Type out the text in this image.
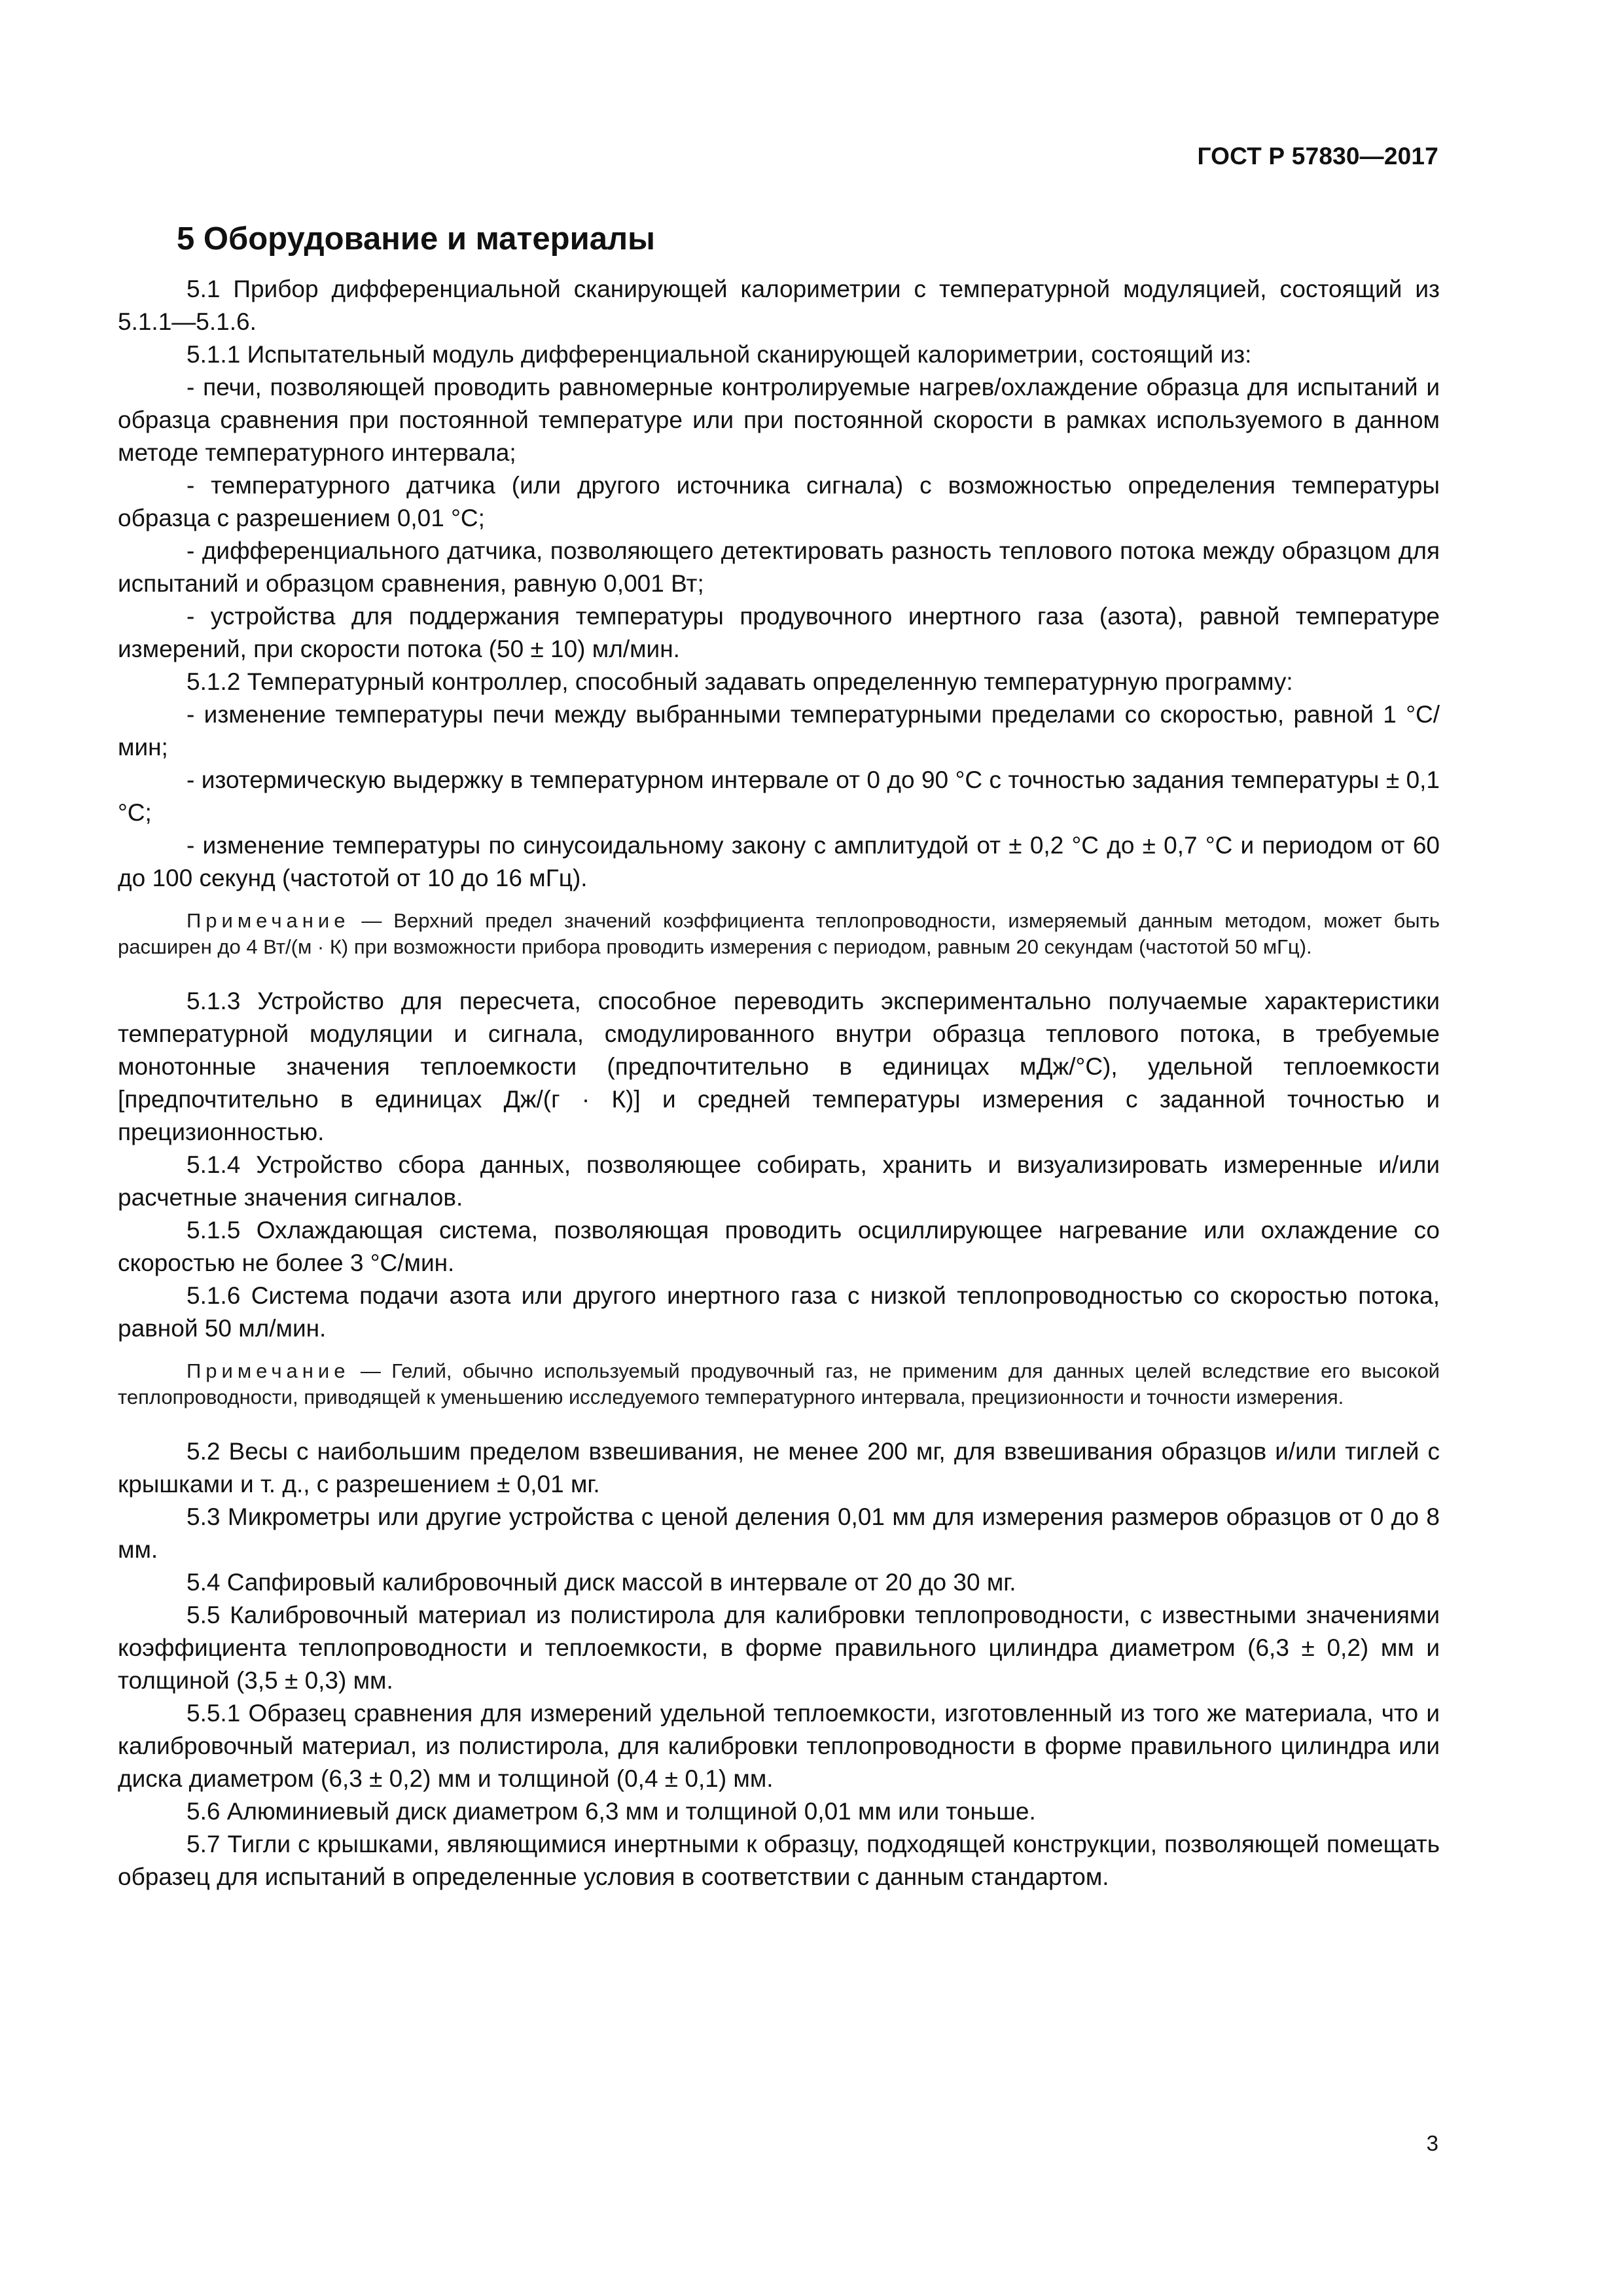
ГОСТ Р 57830—2017
5 Оборудование и материалы

5.1 Прибор дифференциальной сканирующей калориметрии с температурной модуляцией, состоящий из 5.1.1—5.1.6.

5.1.1 Испытательный модуль дифференциальной сканирующей калориметрии, состоящий из:

- печи, позволяющей проводить равномерные контролируемые нагрев/охлаждение образца для испытаний и образца сравнения при постоянной температуре или при постоянной скорости в рамках используемого в данном методе температурного интервала;

- температурного датчика (или другого источника сигнала) с возможностью определения температуры образца с разрешением 0,01 °С;

- дифференциального датчика, позволяющего детектировать разность теплового потока между образцом для испытаний и образцом сравнения, равную 0,001 Вт;

- устройства для поддержания температуры продувочного инертного газа (азота), равной температуре измерений, при скорости потока (50 ± 10) мл/мин.

5.1.2 Температурный контроллер, способный задавать определенную температурную программу:

- изменение температуры печи между выбранными температурными пределами со скоростью, равной 1 °С/мин;

- изотермическую выдержку в температурном интервале от 0 до 90 °С с точностью задания температуры ± 0,1 °С;

- изменение температуры по синусоидальному закону с амплитудой от ± 0,2 °С до ± 0,7 °С и периодом от 60 до 100 секунд (частотой от 10 до 16 мГц).

Примечание — Верхний предел значений коэффициента теплопроводности, измеряемый данным методом, может быть расширен до 4 Вт/(м · К) при возможности прибора проводить измерения с периодом, равным 20 секундам (частотой 50 мГц).

5.1.3 Устройство для пересчета, способное переводить экспериментально получаемые характеристики температурной модуляции и сигнала, смодулированного внутри образца теплового потока, в требуемые монотонные значения теплоемкости (предпочтительно в единицах мДж/°С), удельной теплоемкости [предпочтительно в единицах Дж/(г · К)] и средней температуры измерения с заданной точностью и прецизионностью.

5.1.4 Устройство сбора данных, позволяющее собирать, хранить и визуализировать измеренные и/или расчетные значения сигналов.

5.1.5 Охлаждающая система, позволяющая проводить осциллирующее нагревание или охлаждение со скоростью не более 3 °С/мин.

5.1.6 Система подачи азота или другого инертного газа с низкой теплопроводностью со скоростью потока, равной 50 мл/мин.

Примечание — Гелий, обычно используемый продувочный газ, не применим для данных целей вследствие его высокой теплопроводности, приводящей к уменьшению исследуемого температурного интервала, прецизионности и точности измерения.

5.2 Весы с наибольшим пределом взвешивания, не менее 200 мг, для взвешивания образцов и/или тиглей с крышками и т. д., с разрешением ± 0,01 мг.

5.3 Микрометры или другие устройства с ценой деления 0,01 мм для измерения размеров образцов от 0 до 8 мм.

5.4 Сапфировый калибровочный диск массой в интервале от 20 до 30 мг.

5.5 Калибровочный материал из полистирола для калибровки теплопроводности, с известными значениями коэффициента теплопроводности и теплоемкости, в форме правильного цилиндра диаметром (6,3 ± 0,2) мм и толщиной (3,5 ± 0,3) мм.

5.5.1 Образец сравнения для измерений удельной теплоемкости, изготовленный из того же материала, что и калибровочный материал, из полистирола, для калибровки теплопроводности в форме правильного цилиндра или диска диаметром (6,3 ± 0,2) мм и толщиной (0,4 ± 0,1) мм.

5.6 Алюминиевый диск диаметром 6,3 мм и толщиной 0,01 мм или тоньше.

5.7 Тигли с крышками, являющимися инертными к образцу, подходящей конструкции, позволяющей помещать образец для испытаний в определенные условия в соответствии с данным стандартом.

3
